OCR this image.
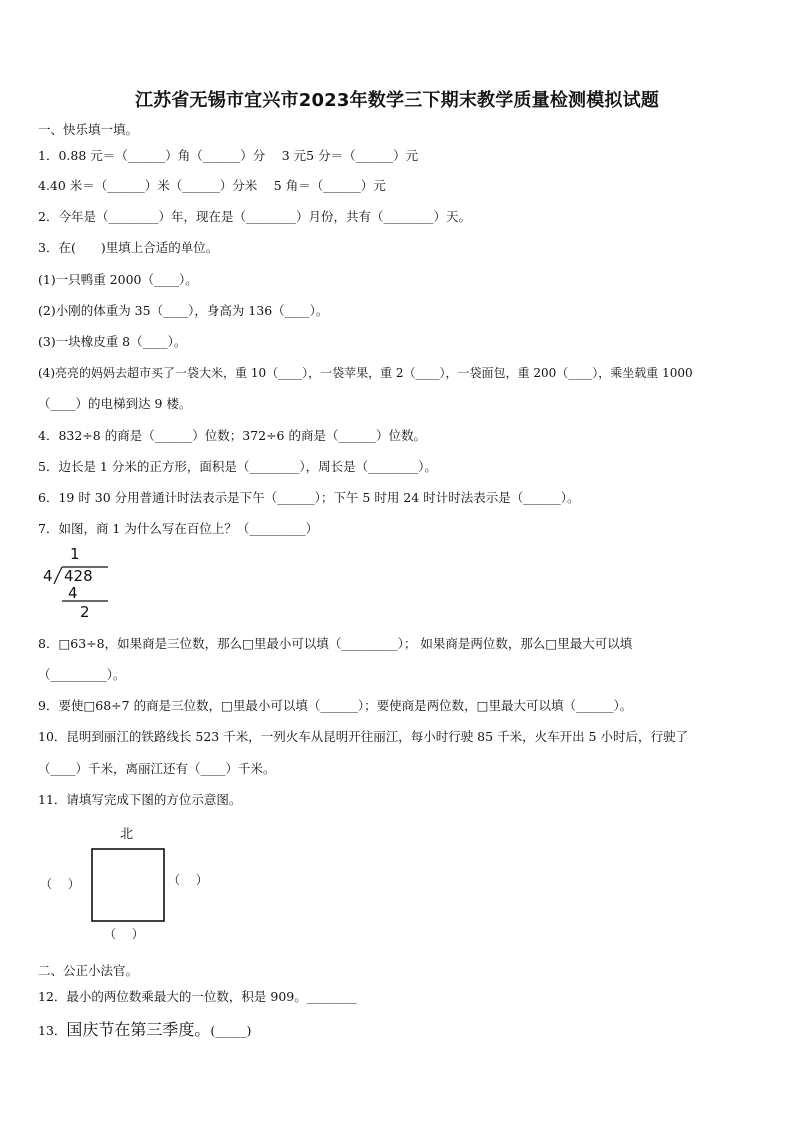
江苏省无锡市宜兴市2023年数学三下期末教学质量检测模拟试题
一、快乐填一填。
1．0.88 元＝（______）角（______）分　 3 元5 分＝（______）元
4.40 米＝（______）米（______）分米　 5 角＝（______）元
2．今年是（________）年，现在是（________）月份，共有（________）天。
3．在(　　)里填上合适的单位。
(1)一只鸭重 2000（____）。
(2)小刚的体重为 35（____），身高为 136（____）。
(3)一块橡皮重 8（____）。
(4)亮亮的妈妈去超市买了一袋大米，重 10（____），一袋苹果，重 2（____），一袋面包，重 200（____），乘坐载重 1000
（____）的电梯到达 9 楼。
4．832÷8 的商是（______）位数；372÷6 的商是（______）位数。
5．边长是 1 分米的正方形，面积是（________），周长是（________）。
6．19 时 30 分用普通计时法表示是下午（______）；下午 5 时用 24 时计时法表示是（______）。
7．如图，商 1 为什么写在百位上？（_________）
1
4 428
4
2
8．□63÷8，如果商是三位数，那么□里最小可以填（_________）； 如果商是两位数，那么□里最大可以填
（_________）。
9．要使□68÷7 的商是三位数，□里最小可以填（______）；要使商是两位数，□里最大可以填（______）。
10．昆明到丽江的铁路线长 523 千米，一列火车从昆明开往丽江，每小时行驶 85 千米，火车开出 5 小时后，行驶了
（____）千米，离丽江还有（____）千米。
11．请填写完成下图的方位示意图。
北
（　 ）	（　 ）
（　 ）
二、公正小法官。
12．最小的两位数乘最大的一位数，积是 909。________
13．国庆节在第三季度。(_____)
